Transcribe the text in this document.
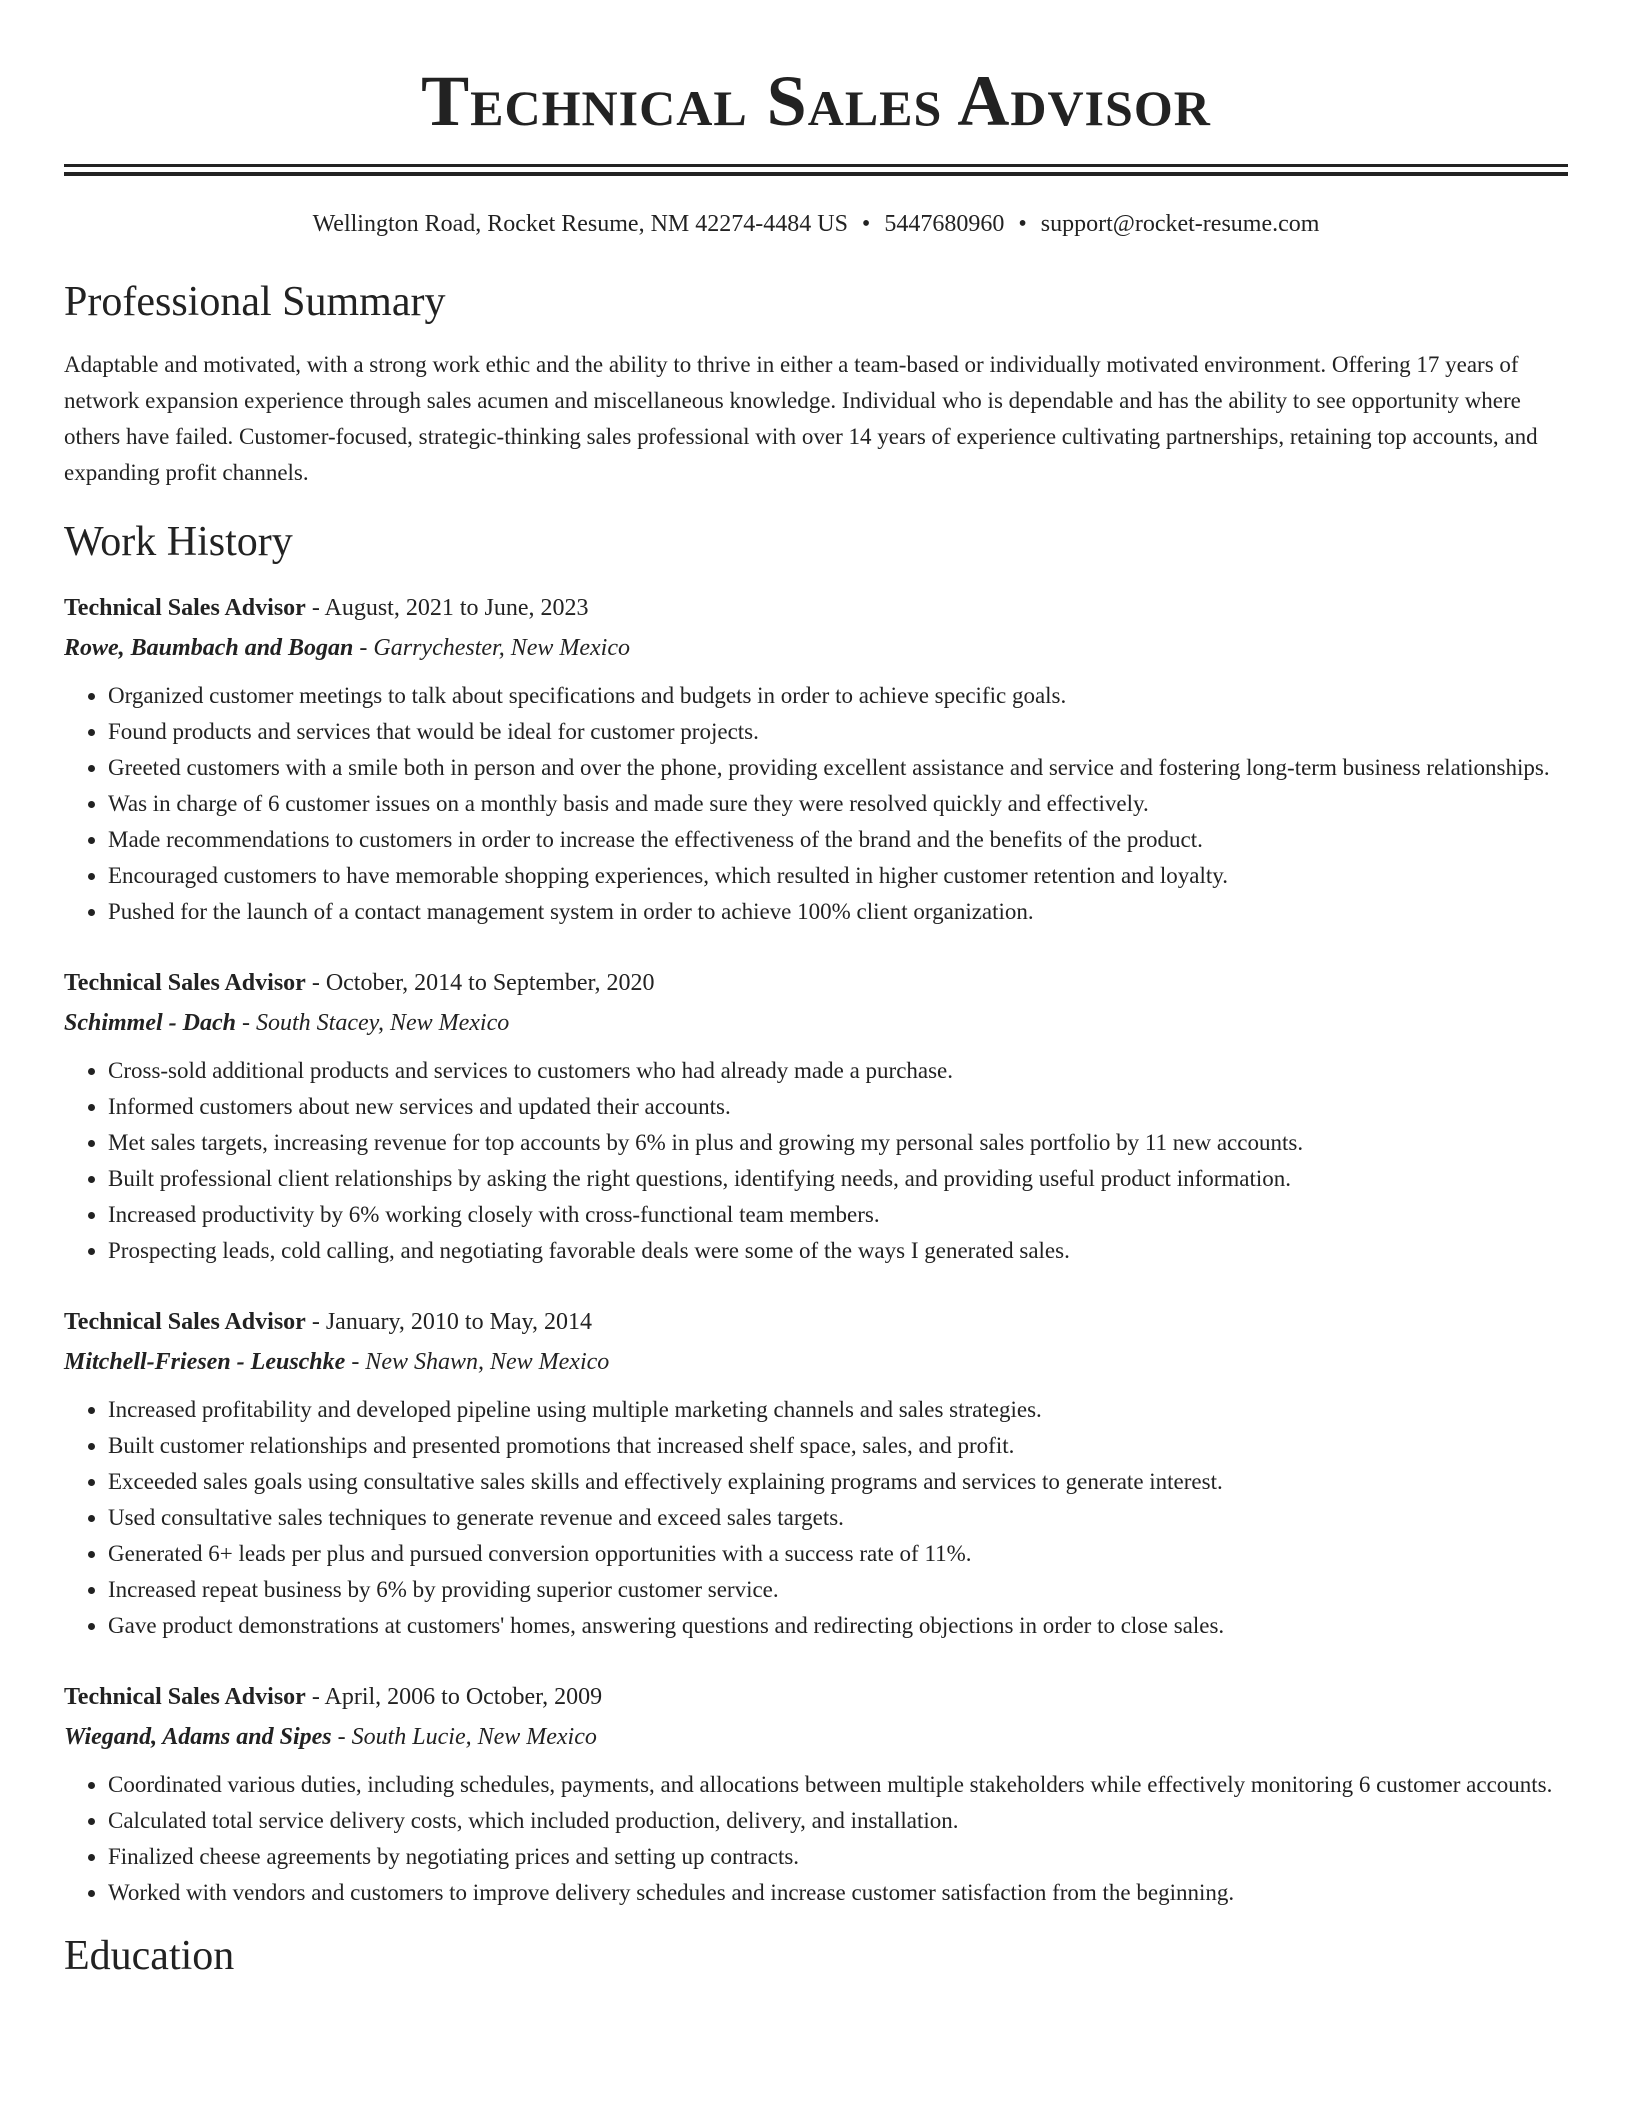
Technical Sales Advisor
Wellington Road, Rocket Resume, NM 42274-4484 US • 5447680960 • support@rocket-resume.com
Professional Summary

Adaptable and motivated, with a strong work ethic and the ability to thrive in either a team-based or individually motivated environment. Offering 17 years of network expansion experience through sales acumen and miscellaneous knowledge. Individual who is dependable and has the ability to see opportunity where others have failed. Customer-focused, strategic-thinking sales professional with over 14 years of experience cultivating partnerships, retaining top accounts, and expanding profit channels.

Work History
Technical Sales Advisor - August, 2021 to June, 2023
Rowe, Baumbach and Bogan - Garrychester, New Mexico
• Organized customer meetings to talk about specifications and budgets in order to achieve specific goals.
• Found products and services that would be ideal for customer projects.
• Greeted customers with a smile both in person and over the phone, providing excellent assistance and service and fostering long-term business relationships.
• Was in charge of 6 customer issues on a monthly basis and made sure they were resolved quickly and effectively.
• Made recommendations to customers in order to increase the effectiveness of the brand and the benefits of the product.
• Encouraged customers to have memorable shopping experiences, which resulted in higher customer retention and loyalty.
• Pushed for the launch of a contact management system in order to achieve 100% client organization.
Technical Sales Advisor - October, 2014 to September, 2020
Schimmel - Dach - South Stacey, New Mexico
• Cross-sold additional products and services to customers who had already made a purchase.
• Informed customers about new services and updated their accounts.
• Met sales targets, increasing revenue for top accounts by 6% in plus and growing my personal sales portfolio by 11 new accounts.
• Built professional client relationships by asking the right questions, identifying needs, and providing useful product information.
• Increased productivity by 6% working closely with cross-functional team members.
• Prospecting leads, cold calling, and negotiating favorable deals were some of the ways I generated sales.
Technical Sales Advisor - January, 2010 to May, 2014
Mitchell-Friesen - Leuschke - New Shawn, New Mexico
• Increased profitability and developed pipeline using multiple marketing channels and sales strategies.
• Built customer relationships and presented promotions that increased shelf space, sales, and profit.
• Exceeded sales goals using consultative sales skills and effectively explaining programs and services to generate interest.
• Used consultative sales techniques to generate revenue and exceed sales targets.
• Generated 6+ leads per plus and pursued conversion opportunities with a success rate of 11%.
• Increased repeat business by 6% by providing superior customer service.
• Gave product demonstrations at customers' homes, answering questions and redirecting objections in order to close sales.
Technical Sales Advisor - April, 2006 to October, 2009
Wiegand, Adams and Sipes - South Lucie, New Mexico
• Coordinated various duties, including schedules, payments, and allocations between multiple stakeholders while effectively monitoring 6 customer accounts.
• Calculated total service delivery costs, which included production, delivery, and installation.
• Finalized cheese agreements by negotiating prices and setting up contracts.
• Worked with vendors and customers to improve delivery schedules and increase customer satisfaction from the beginning.
Education
